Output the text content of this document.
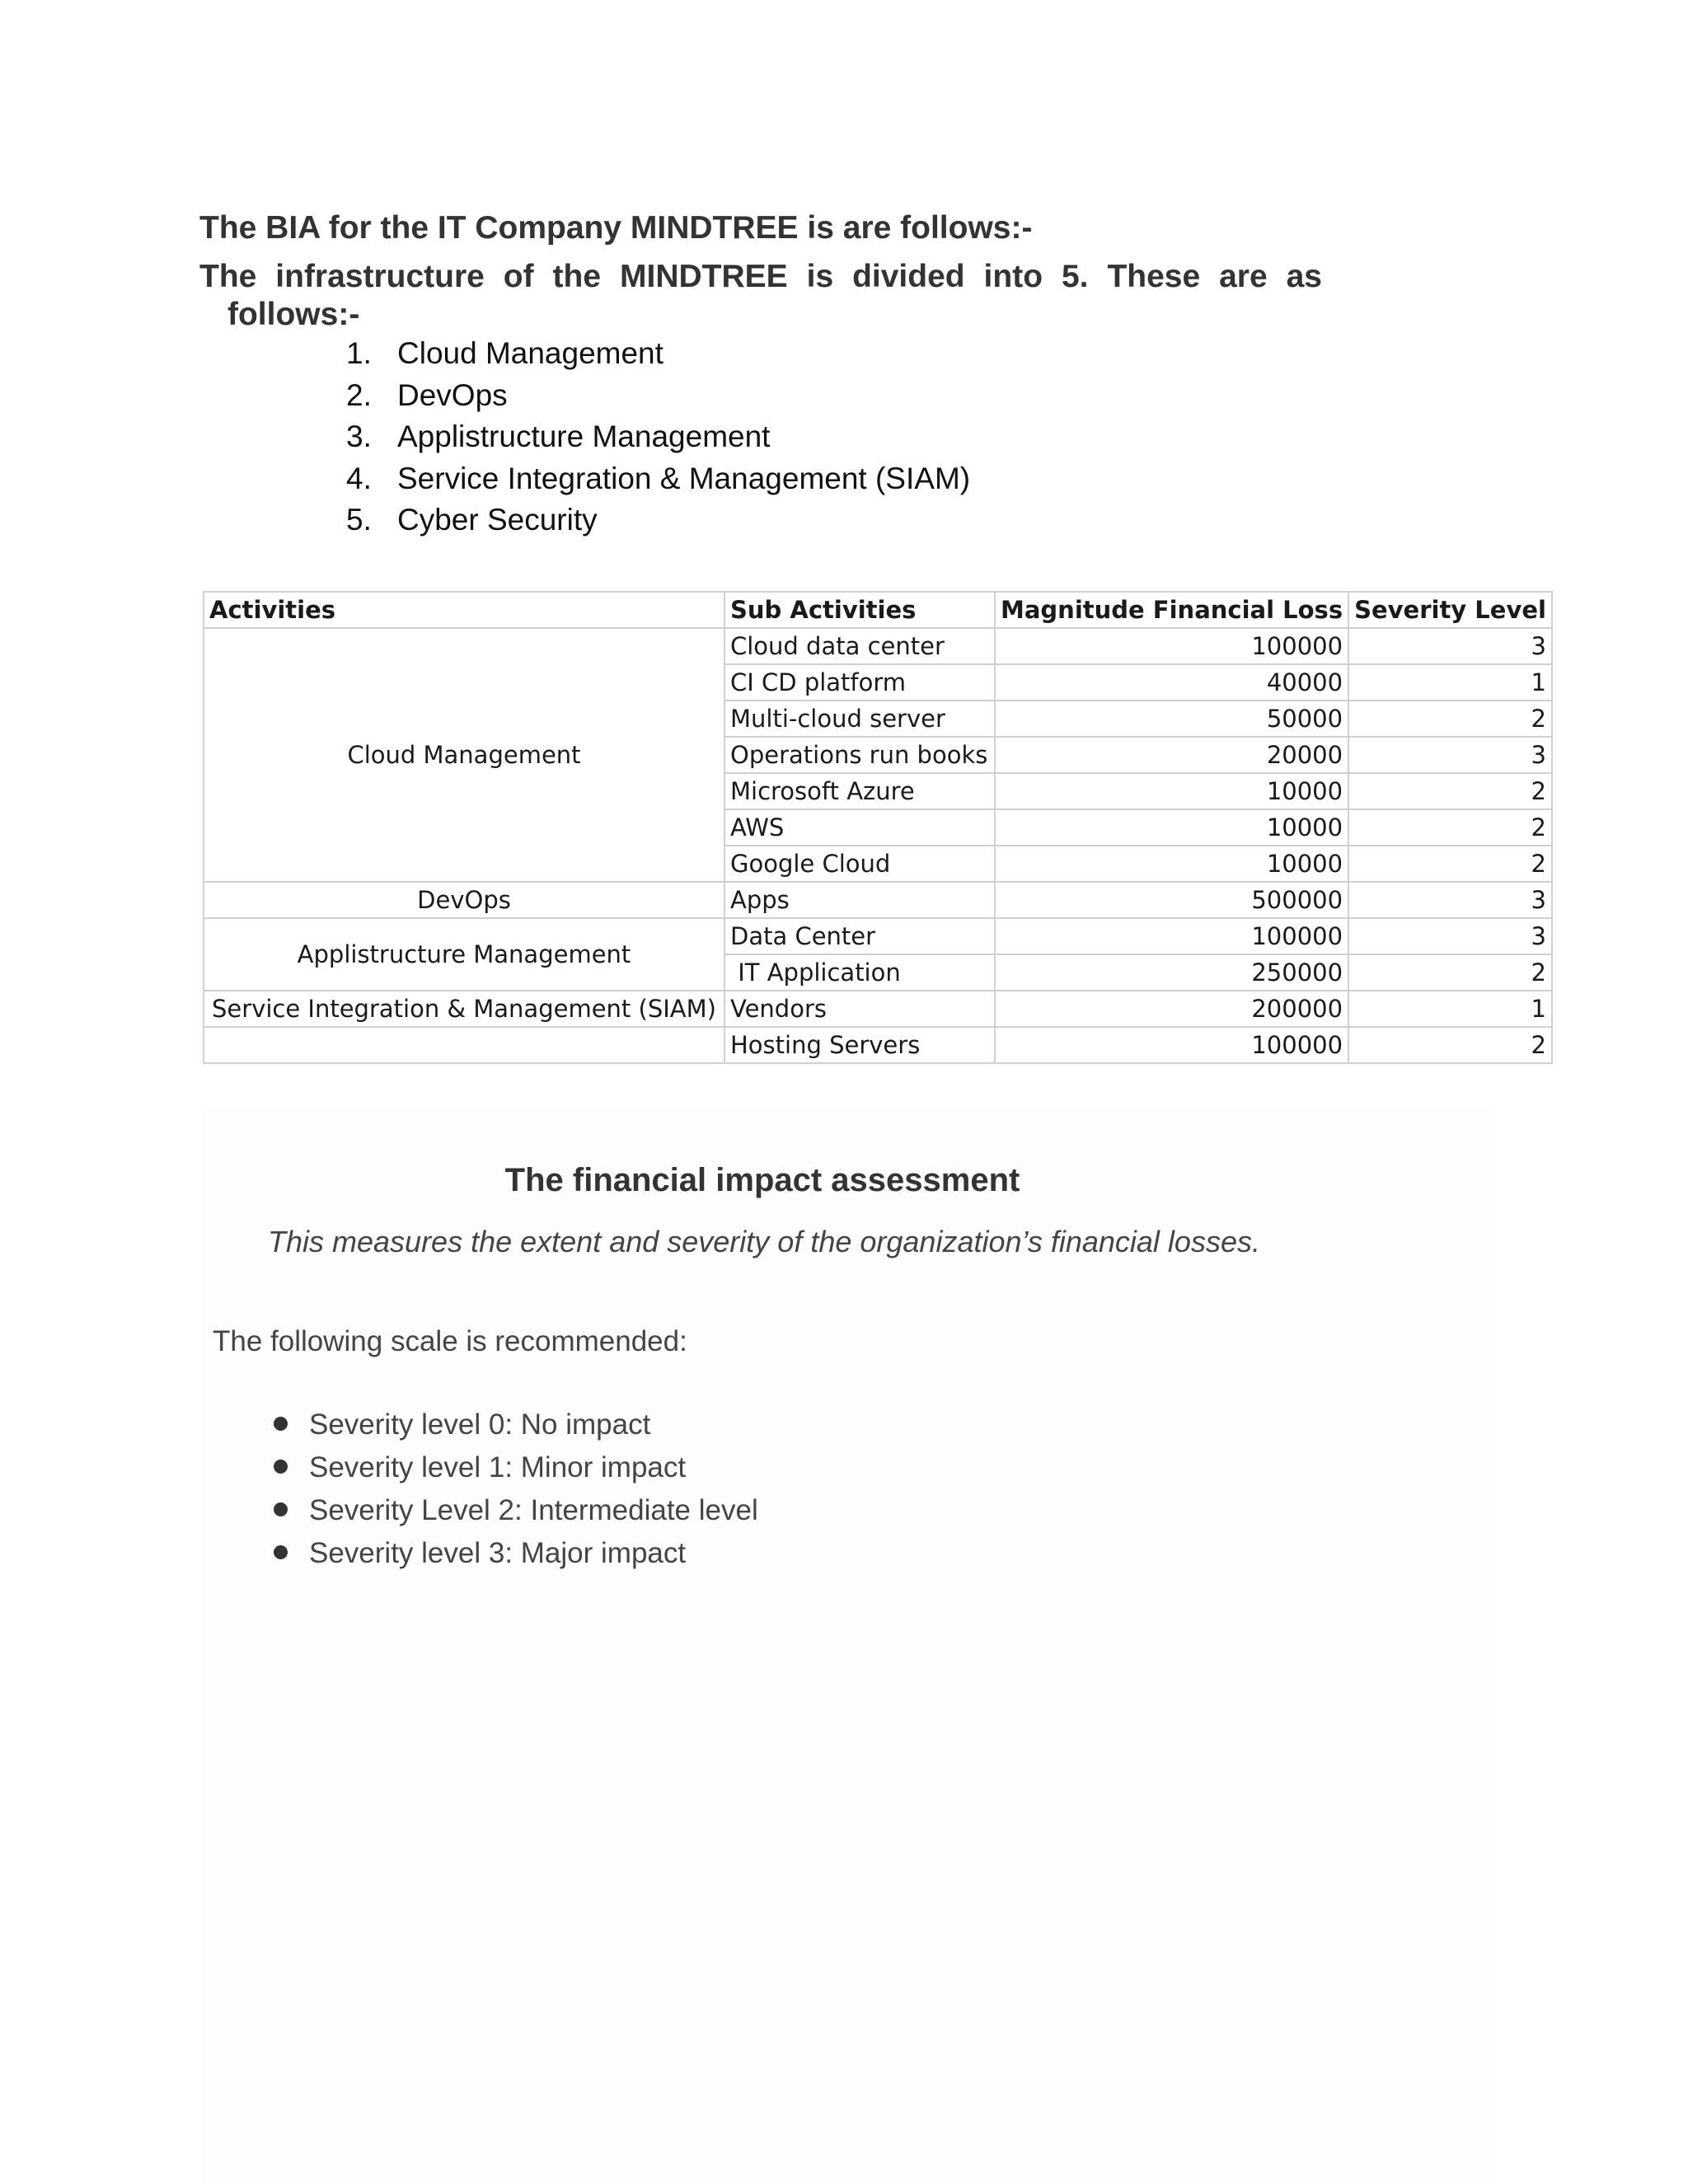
The BIA for the IT Company MINDTREE is are follows:-
The infrastructure of the MINDTREE is divided into 5. These are as
follows:-
1. Cloud Management
2. DevOps
3. Applistructure Management
4. Service Integration & Management (SIAM)
5. Cyber Security
Activities	Sub Activities	Magnitude Financial Loss	Severity Level
Cloud Management	Cloud data center	100000	3
	CI CD platform	40000	1
	Multi-cloud server	50000	2
	Operations run books	20000	3
	Microsoft Azure	10000	2
	AWS	10000	2
	Google Cloud	10000	2
DevOps	Apps	500000	3
Applistructure Management	Data Center	100000	3
	IT Application	250000	2
Service Integration & Management (SIAM)	Vendors	200000	1
	Hosting Servers	100000	2
The financial impact assessment
This measures the extent and severity of the organization’s financial losses.
The following scale is recommended:
Severity level 0: No impact
Severity level 1: Minor impact
Severity Level 2: Intermediate level
Severity level 3: Major impact
